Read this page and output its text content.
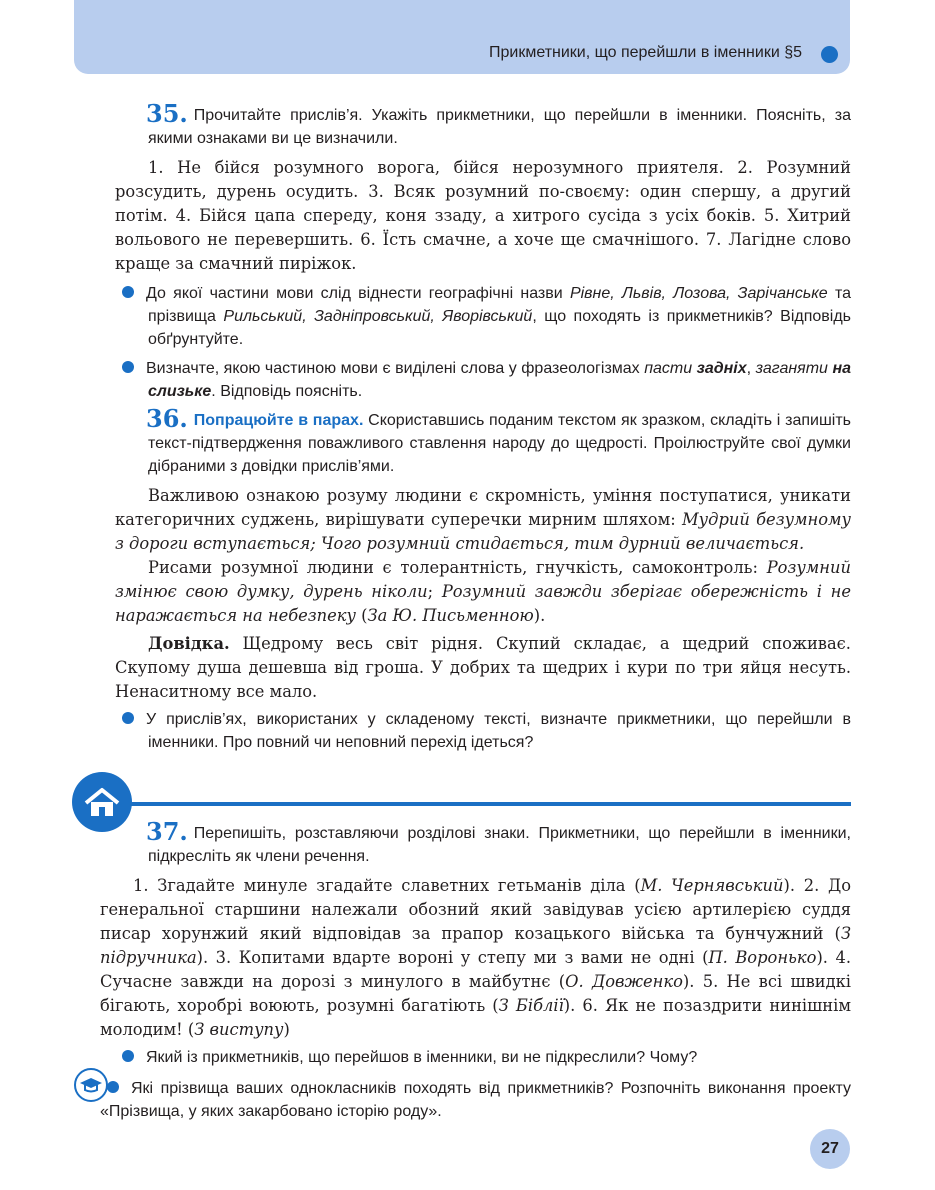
Прикметники, що перейшли в іменники §5

35. Прочитайте прислів’я. Укажіть прикметники, що перейшли в іменники. Поясніть, за якими ознаками ви це визначили.

1. Не бійся розумного ворога, бійся нерозумного приятеля. 2. Розумний розсудить, дурень осудить. 3. Всяк розумний по-своєму: один спершу, а другий потім. 4. Бійся цапа спереду, коня ззаду, а хитрого сусіда з усіх боків. 5. Хитрий вольового не перевершить. 6. Їсть смачне, а хоче ще смачнішого. 7. Лагідне слово краще за смачний пиріжок.

До якої частини мови слід віднести географічні назви Рівне, Львів, Лозова, Зарічанське та прізвища Рильський, Задніпровський, Яворівський, що походять із прикметників? Відповідь обґрунтуйте.

Визначте, якою частиною мови є виділені слова у фразеологізмах пасти задніх, заганяти на слизьке. Відповідь поясніть.

36. Попрацюйте в парах. Скориставшись поданим текстом як зразком, складіть і запишіть текст-підтвердження поважливого ставлення народу до щедрості. Проілюструйте свої думки дібраними з довідки прислів’ями.

Важливою ознакою розуму людини є скромність, уміння поступатися, уникати категоричних суджень, вирішувати суперечки мирним шляхом: Мудрий безумному з дороги вступається; Чого розумний стидається, тим дурний величається.

Рисами розумної людини є толерантність, гнучкість, самоконтроль: Розумний змінює свою думку, дурень ніколи; Розумний завжди зберігає обережність і не наражається на небезпеку (За Ю. Письменною).

Довідка. Щедрому весь світ рідня. Скупий складає, а щедрий споживає. Скупому душа дешевша від гроша. У добрих та щедрих і кури по три яйця несуть. Ненаситному все мало.

У прислів’ях, використаних у складеному тексті, визначте прикметники, що перейшли в іменники. Про повний чи неповний перехід ідеться?

37. Перепишіть, розставляючи розділові знаки. Прикметники, що перейшли в іменники, підкресліть як члени речення.

1. Згадайте минуле згадайте славетних гетьманів діла (М. Чернявський). 2. До генеральної старшини належали обозний який завідував усією артилерією суддя писар хорунжий який відповідав за прапор козацького війська та бунчужний (З підручника). 3. Копитами вдарте вороні у степу ми з вами не одні (П. Воронько). 4. Сучасне завжди на дорозі з минулого в майбутнє (О. Довженко). 5. Не всі швидкі бігають, хоробрі воюють, розумні багатіють (З Біблії). 6. Як не позаздрити нинішнім молодим! (З виступу)

Який із прикметників, що перейшов в іменники, ви не підкреслили? Чому?

Які прізвища ваших однокласників походять від прикметників? Розпочніть виконання проекту «Прізвища, у яких закарбовано історію роду».

27
